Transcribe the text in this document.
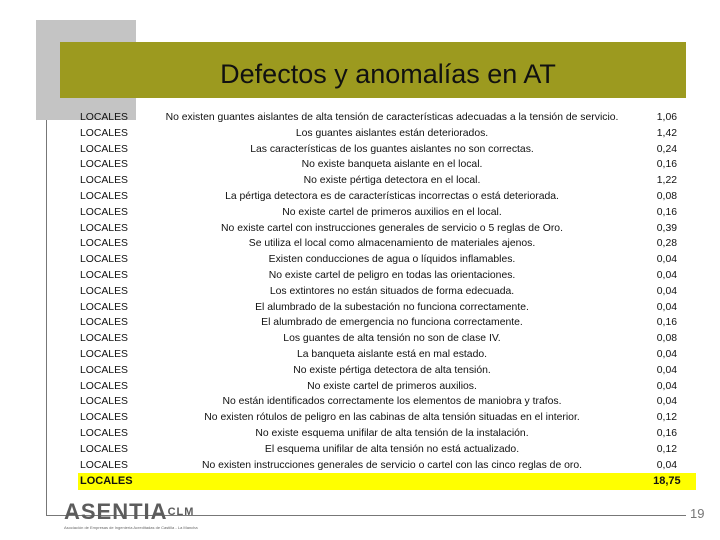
Defectos y anomalías en AT
LOCALES	No existen guantes aislantes de alta tensión de características adecuadas a la tensión de servicio.	1,06
LOCALES	Los guantes aislantes están deteriorados.	1,42
LOCALES	Las características de los guantes aislantes no son correctas.	0,24
LOCALES	No existe banqueta aislante en el local.	0,16
LOCALES	No existe pértiga detectora en el local.	1,22
LOCALES	La pértiga detectora es de características incorrectas o está deteriorada.	0,08
LOCALES	No existe cartel de primeros auxilios en el local.	0,16
LOCALES	No existe cartel con instrucciones generales de servicio o 5 reglas de Oro.	0,39
LOCALES	Se utiliza el local como almacenamiento de materiales ajenos.	0,28
LOCALES	Existen conducciones de agua o líquidos inflamables.	0,04
LOCALES	No existe cartel de peligro en todas las orientaciones.	0,04
LOCALES	Los extintores no están situados de forma edecuada.	0,04
LOCALES	El alumbrado de la subestación no funciona correctamente.	0,04
LOCALES	El alumbrado de emergencia no funciona correctamente.	0,16
LOCALES	Los guantes de alta tensión no son de clase IV.	0,08
LOCALES	La banqueta aislante está en mal estado.	0,04
LOCALES	No existe pértiga detectora de alta tensión.	0,04
LOCALES	No existe cartel de primeros auxilios.	0,04
LOCALES	No están identificados correctamente los elementos de maniobra y trafos.	0,04
LOCALES	No existen rótulos de peligro en las cabinas de alta tensión situadas en el interior.	0,12
LOCALES	No existe esquema unifilar de alta tensión de la instalación.	0,16
LOCALES	El esquema unifilar de alta tensión no está actualizado.	0,12
LOCALES	No existen instrucciones generales de servicio o cartel con las cinco reglas de oro.	0,04
LOCALES		18,75
$ASENTIA^{CLM}$
Asociación de Empresas de Ingeniería Acreditadas de Castilla - La Mancha
19
